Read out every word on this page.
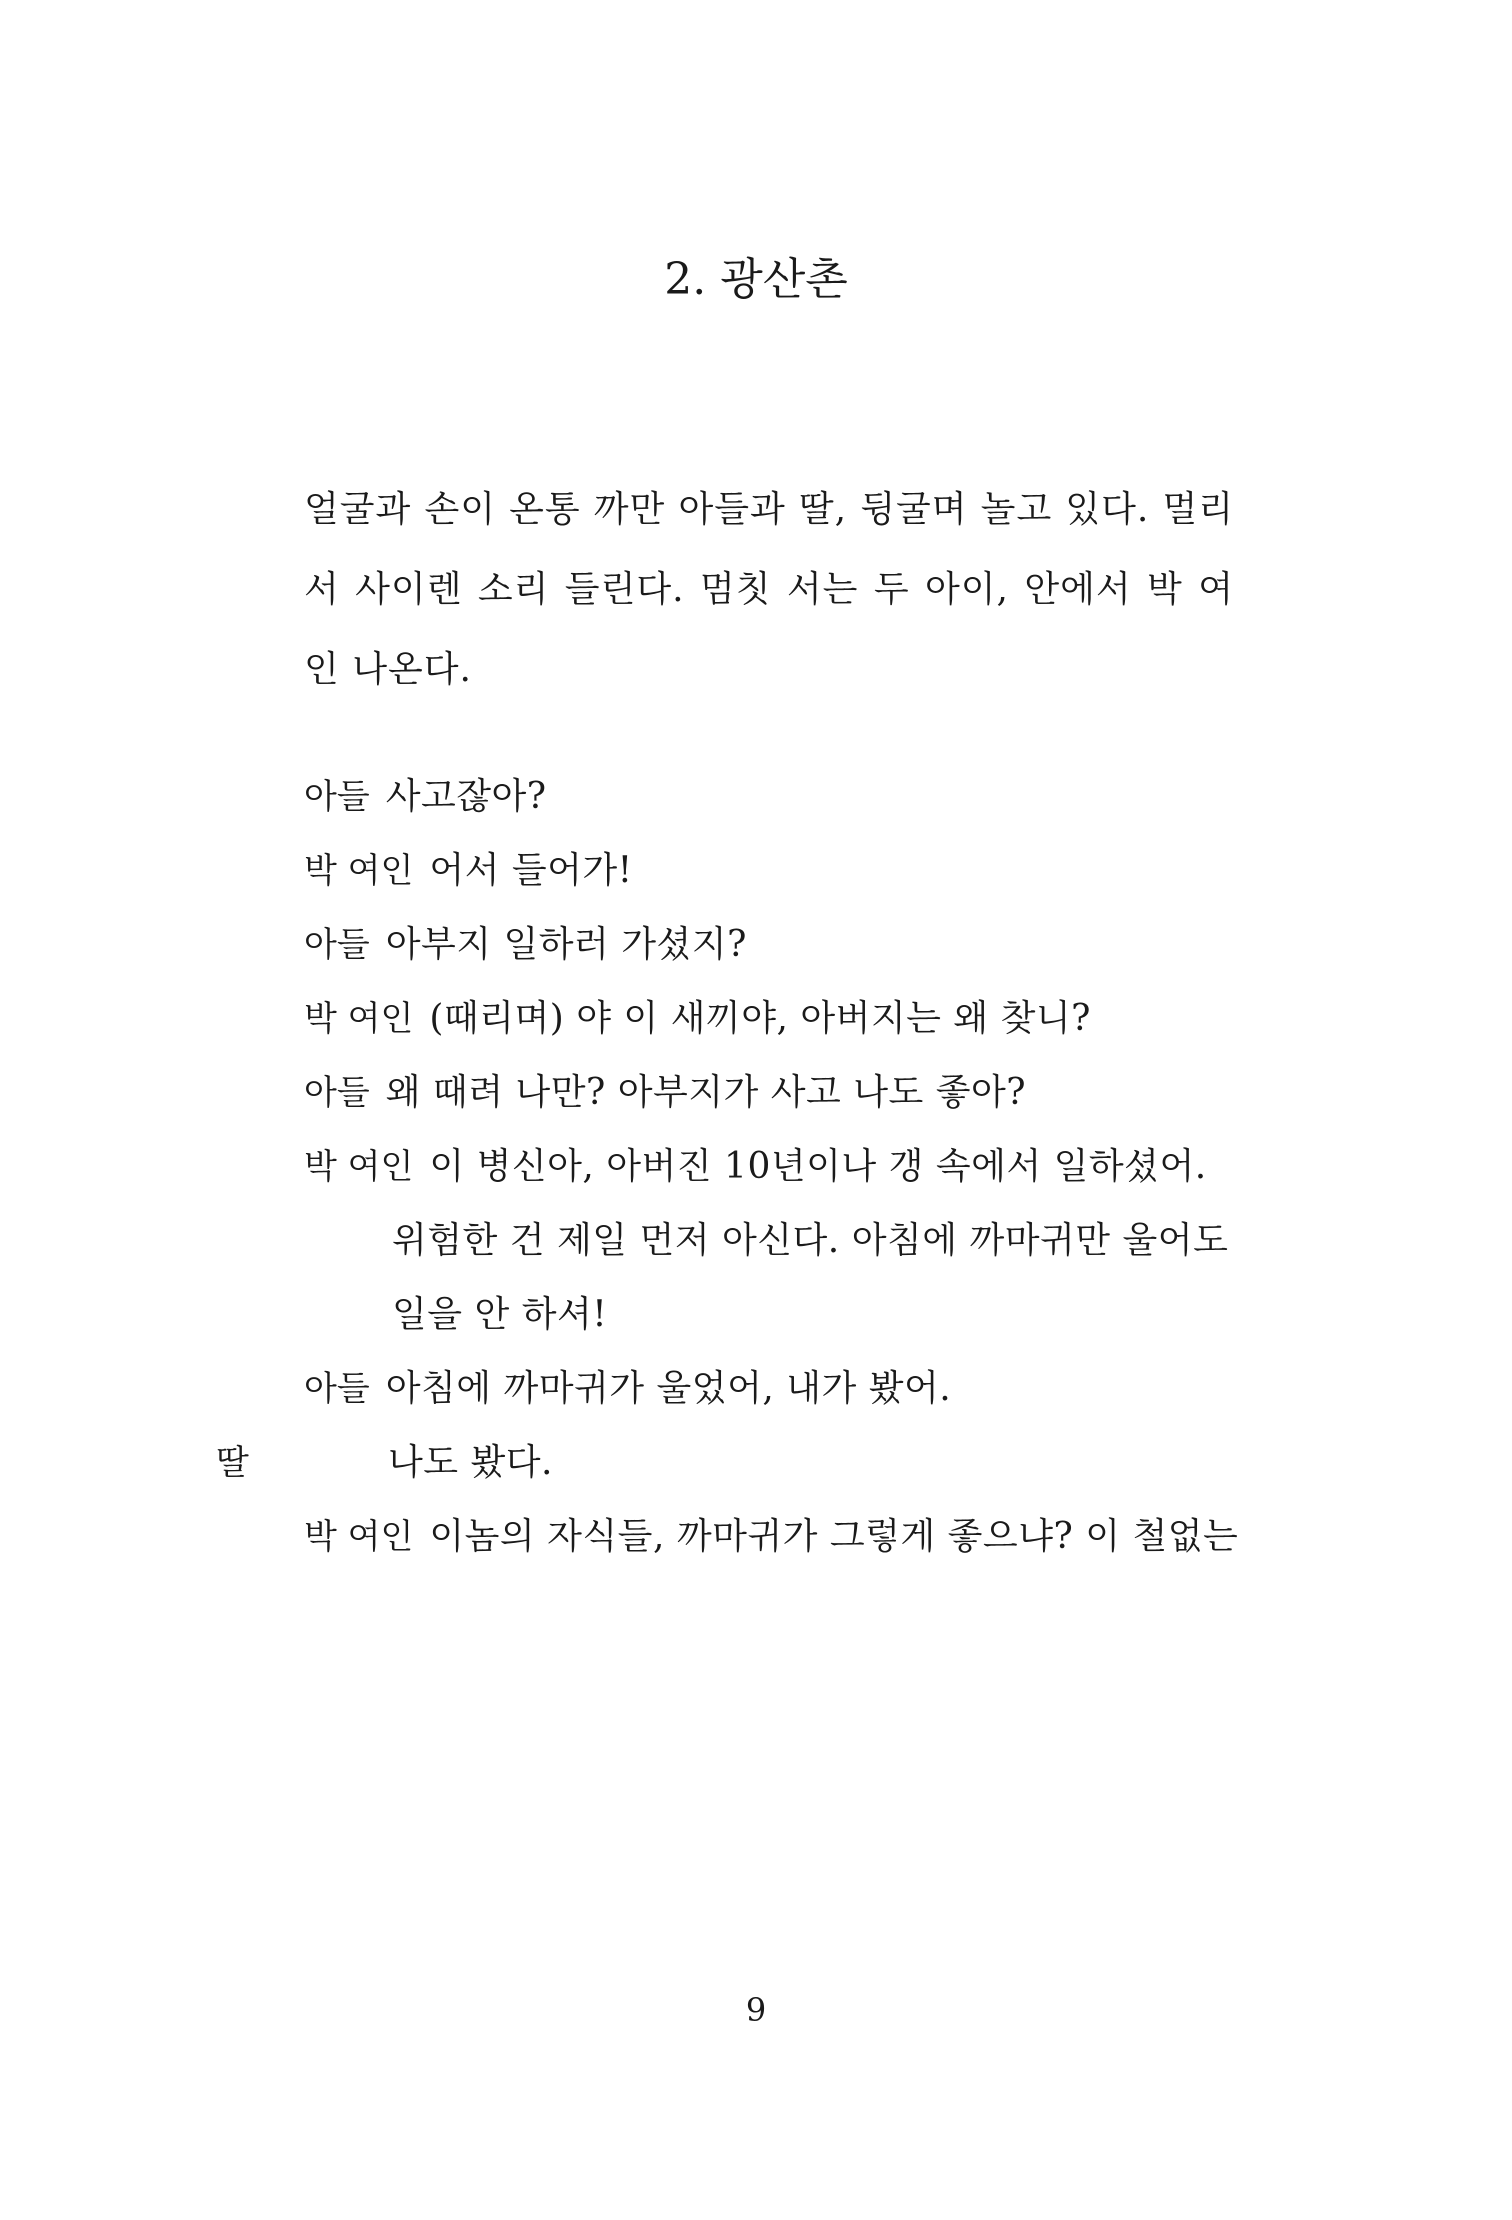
2. 광산촌

얼굴과 손이 온통 까만 아들과 딸, 뒹굴며 놀고 있다. 멀리서 사이렌 소리 들린다. 멈칫 서는 두 아이, 안에서 박 여인 나온다.

아들 사고잖아?
박 여인 어서 들어가!
아들 아부지 일하러 가셨지?
박 여인 (때리며) 야 이 새끼야, 아버지는 왜 찾니?
아들 왜 때려 나만? 아부지가 사고 나도 좋아?
박 여인 이 병신아, 아버진 10년이나 갱 속에서 일하셨어. 위험한 건 제일 먼저 아신다. 아침에 까마귀만 울어도 일을 안 하셔!
아들 아침에 까마귀가 울었어, 내가 봤어.
딸	나도 봤다.
박 여인 이놈의 자식들, 까마귀가 그렇게 좋으냐? 이 철없는
9
